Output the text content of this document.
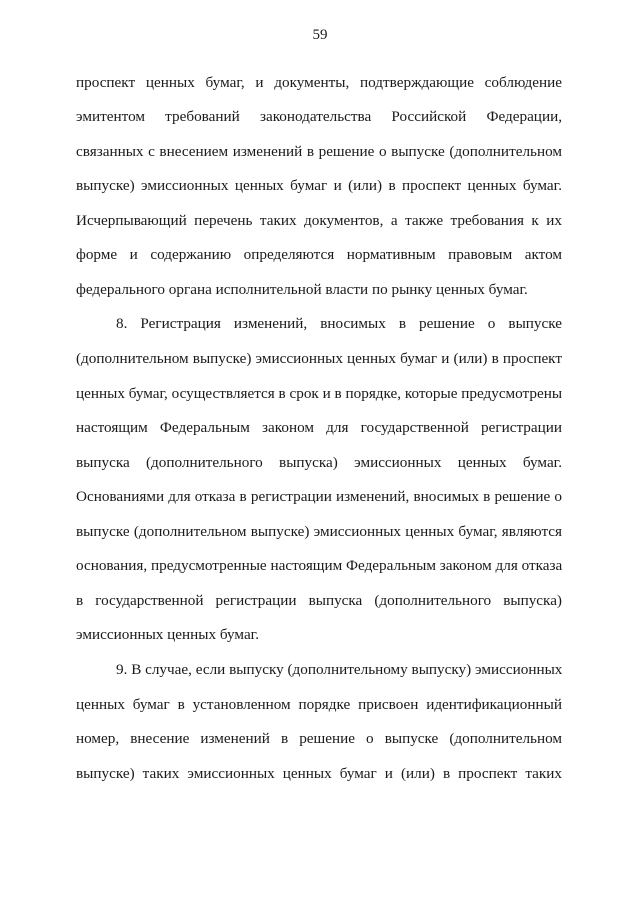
59
проспект ценных бумаг, и документы, подтверждающие соблюдение
эмитентом требований законодательства Российской Федерации,
связанных с внесением изменений в решение о выпуске (дополнительном
выпуске) эмиссионных ценных бумаг и (или) в проспект ценных бумаг.
Исчерпывающий перечень таких документов, а также требования к их
форме и содержанию определяются нормативным правовым актом
федерального органа исполнительной власти по рынку ценных бумаг.
8. Регистрация изменений, вносимых в решение о выпуске
(дополнительном выпуске) эмиссионных ценных бумаг и (или) в проспект
ценных бумаг, осуществляется в срок и в порядке, которые предусмотрены
настоящим Федеральным законом для государственной регистрации
выпуска (дополнительного выпуска) эмиссионных ценных бумаг.
Основаниями для отказа в регистрации изменений, вносимых в решение о
выпуске (дополнительном выпуске) эмиссионных ценных бумаг, являются
основания, предусмотренные настоящим Федеральным законом для отказа
в государственной регистрации выпуска (дополнительного выпуска)
эмиссионных ценных бумаг.
9. В случае, если выпуску (дополнительному выпуску) эмиссионных
ценных бумаг в установленном порядке присвоен идентификационный
номер, внесение изменений в решение о выпуске (дополнительном
выпуске) таких эмиссионных ценных бумаг и (или) в проспект таких
